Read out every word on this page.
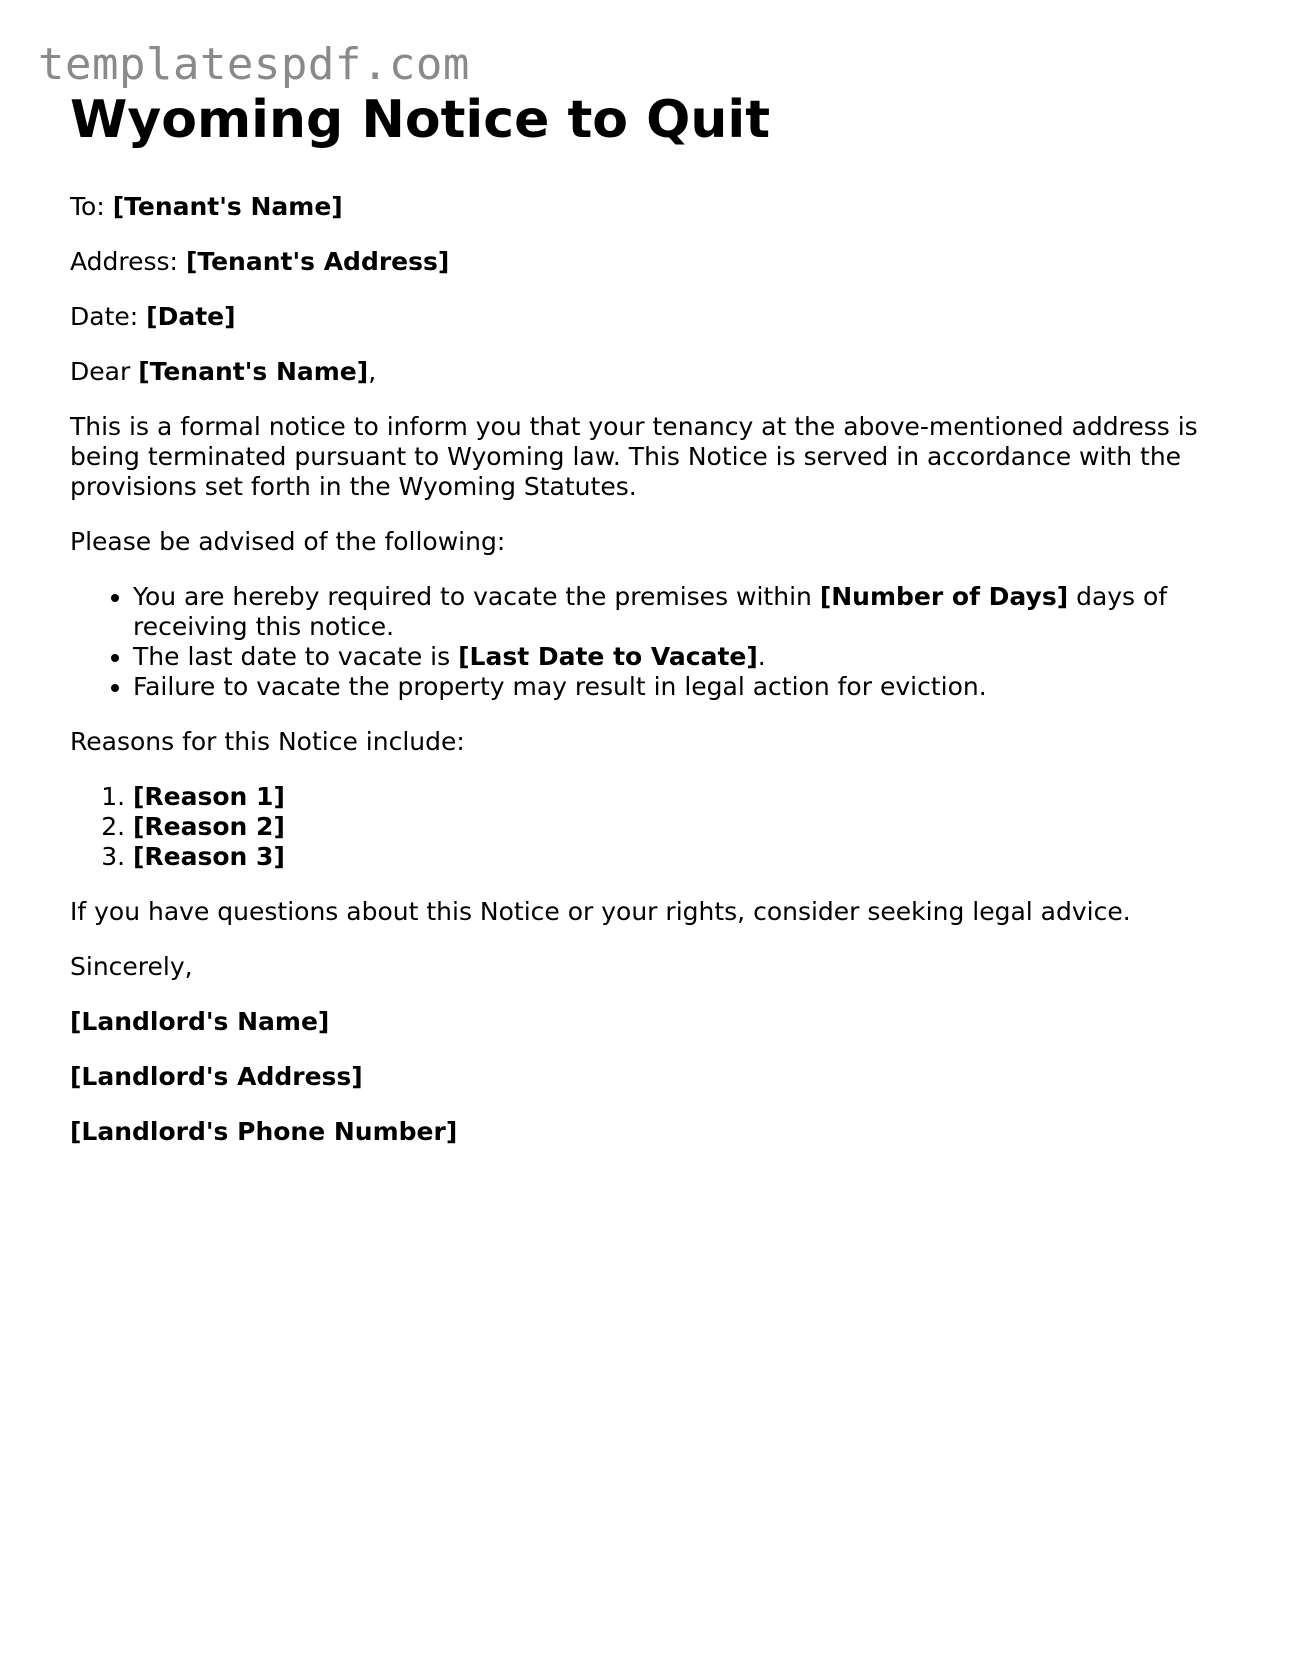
templatespdf.com
Wyoming Notice to Quit

To: [Tenant's Name]

Address: [Tenant's Address]

Date: [Date]

Dear [Tenant's Name],

This is a formal notice to inform you that your tenancy at the above-mentioned address is being terminated pursuant to Wyoming law. This Notice is served in accordance with the provisions set forth in the Wyoming Statutes.

Please be advised of the following:

• You are hereby required to vacate the premises within [Number of Days] days of receiving this notice.
• The last date to vacate is [Last Date to Vacate].
• Failure to vacate the property may result in legal action for eviction.

Reasons for this Notice include:

1. [Reason 1]
2. [Reason 2]
3. [Reason 3]

If you have questions about this Notice or your rights, consider seeking legal advice.

Sincerely,

[Landlord's Name]

[Landlord's Address]

[Landlord's Phone Number]
